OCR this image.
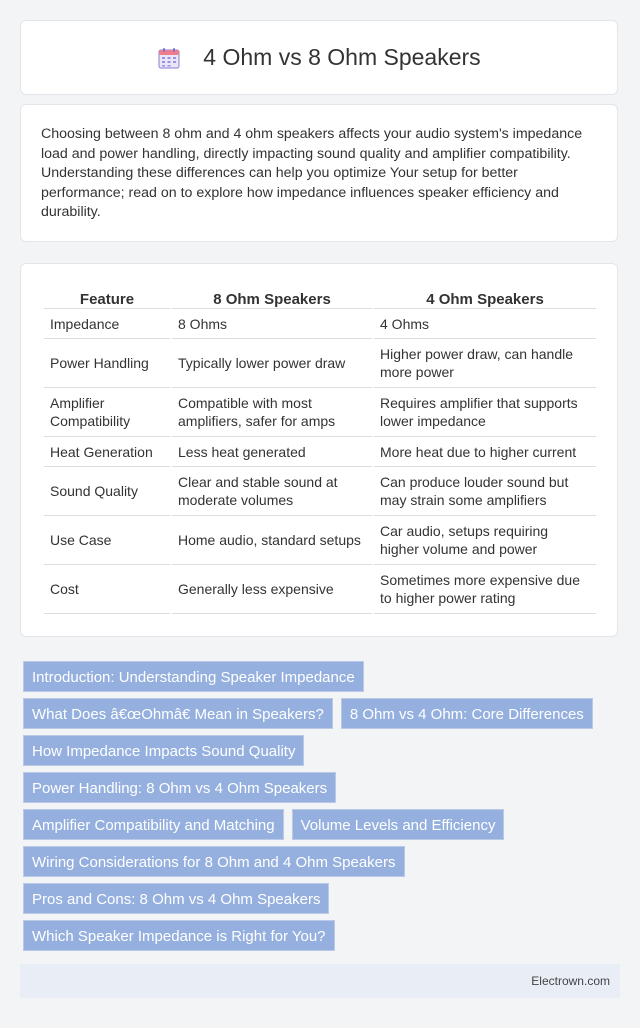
4 Ohm vs 8 Ohm Speakers

Choosing between 8 ohm and 4 ohm speakers affects your audio system's impedance load and power handling, directly impacting sound quality and amplifier compatibility. Understanding these differences can help you optimize Your setup for better performance; read on to explore how impedance influences speaker efficiency and durability.

Feature	8 Ohm Speakers	4 Ohm Speakers
Impedance	8 Ohms	4 Ohms
Power Handling	Typically lower power draw	Higher power draw, can handle more power
Amplifier Compatibility	Compatible with most amplifiers, safer for amps	Requires amplifier that supports lower impedance
Heat Generation	Less heat generated	More heat due to higher current
Sound Quality	Clear and stable sound at moderate volumes	Can produce louder sound but may strain some amplifiers
Use Case	Home audio, standard setups	Car audio, setups requiring higher volume and power
Cost	Generally less expensive	Sometimes more expensive due to higher power rating
Introduction: Understanding Speaker Impedance
What Does â€œOhmâ€ Mean in Speakers?	8 Ohm vs 4 Ohm: Core Differences
How Impedance Impacts Sound Quality
Power Handling: 8 Ohm vs 4 Ohm Speakers
Amplifier Compatibility and Matching	Volume Levels and Efficiency
Wiring Considerations for 8 Ohm and 4 Ohm Speakers
Pros and Cons: 8 Ohm vs 4 Ohm Speakers
Which Speaker Impedance is Right for You?
Electrown.com
